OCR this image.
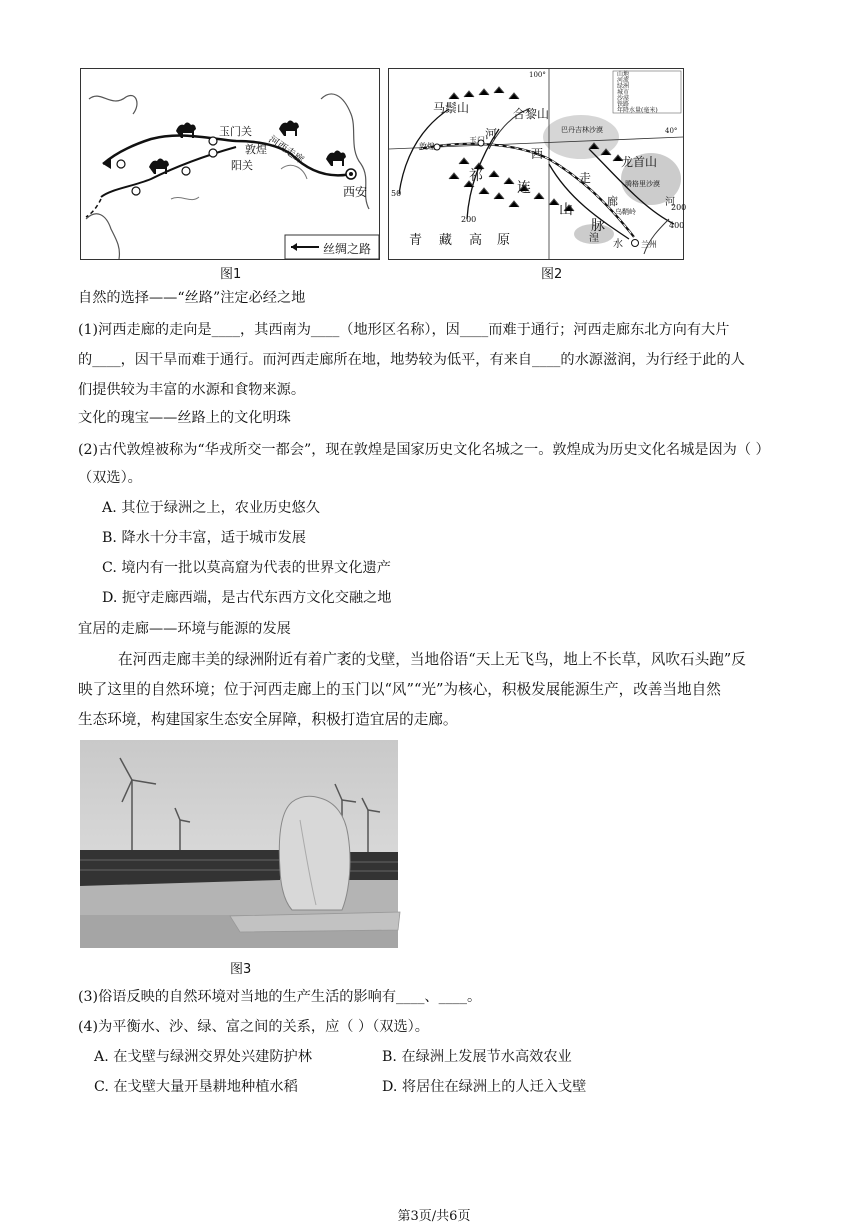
玉门关
敦煌
阳关 河西走廊
西安
丝绸之路
图1
山地
河流
绿洲
城市
沙漠
铁路
年降水量(毫米)
100°
40°
马鬃山	合黎山
巴丹吉林沙漠
龙首山
腾格里沙漠
敦煌
玉门 河
西
走
廊
祁
连
山
脉
青 藏 高 原	湟
水 兰州
乌鞘岭
50
200
200
400
河
图2
自然的选择——“丝路”注定必经之地
(1)河西走廊的走向是____，其西南为____（地形区名称），因____而难于通行；河西走廊东北方向有大片
的____，因干旱而难于通行。而河西走廊所在地，地势较为低平，有来自____的水源滋润，为行经于此的人
们提供较为丰富的水源和食物来源。
文化的瑰宝——丝路上的文化明珠
(2)古代敦煌被称为“华戎所交一都会”，现在敦煌是国家历史文化名城之一。敦煌成为历史文化名城是因为（ ）
（双选）。
A. 其位于绿洲之上，农业历史悠久
B. 降水十分丰富，适于城市发展
C. 境内有一批以莫高窟为代表的世界文化遗产
D. 扼守走廊西端，是古代东西方文化交融之地
宜居的走廊——环境与能源的发展
在河西走廊丰美的绿洲附近有着广袤的戈壁，当地俗语“天上无飞鸟，地上不长草，风吹石头跑”反
映了这里的自然环境；位于河西走廊上的玉门以“风”“光”为核心，积极发展能源生产，改善当地自然
生态环境，构建国家生态安全屏障，积极打造宜居的走廊。
图3
(3)俗语反映的自然环境对当地的生产生活的影响有____、____。
(4)为平衡水、沙、绿、富之间的关系，应（ ）（双选）。
A. 在戈壁与绿洲交界处兴建防护林	B. 在绿洲上发展节水高效农业
C. 在戈壁大量开垦耕地种植水稻	D. 将居住在绿洲上的人迁入戈壁
第3页/共6页
